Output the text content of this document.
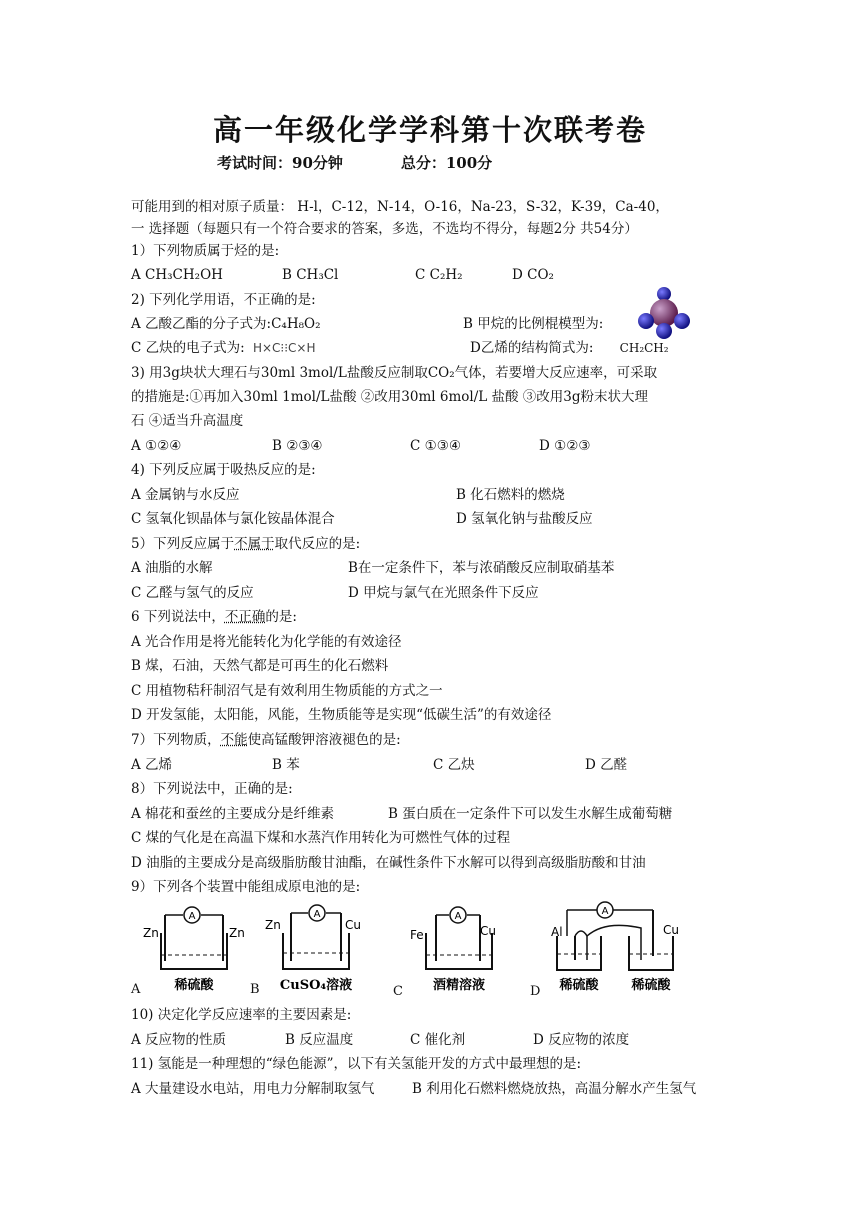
高一年级化学学科第十次联考卷
考试时间：90分钟	总分：100分
可能用到的相对原子质量： H-l，C-12，N-14，O-16，Na-23，S-32，K-39，Ca-40，
一 选择题（每题只有一个符合要求的答案，多选，不选均不得分，每题2分 共54分）
1）下列物质属于烃的是:
A CH₃CH₂OH	B CH₃Cl	C C₂H₂	D CO₂
2) 下列化学用语，不正确的是:
A 乙酸乙酯的分子式为:C₄H₈O₂	B 甲烷的比例棍模型为:
C 乙炔的电子式为: H×C⁝⁝C×H	D乙烯的结构简式为: CH₂CH₂
3) 用3g块状大理石与30ml 3mol/L盐酸反应制取CO₂气体，若要增大反应速率，可采取
的措施是:①再加入30ml 1mol/L盐酸 ②改用30ml 6mol/L 盐酸 ③改用3g粉末状大理
石 ④适当升高温度
A ①②④	B ②③④	C ①③④	D ①②③
4) 下列反应属于吸热反应的是:
A 金属钠与水反应	B 化石燃料的燃烧
C 氢氧化钡晶体与氯化铵晶体混合	D 氢氧化钠与盐酸反应
5）下列反应属于不属于取代反应的是:
A 油脂的水解	B在一定条件下，苯与浓硝酸反应制取硝基苯
C 乙醛与氢气的反应	D 甲烷与氯气在光照条件下反应
6 下列说法中，不正确的是:
A 光合作用是将光能转化为化学能的有效途径
B 煤，石油，天然气都是可再生的化石燃料
C 用植物秸秆制沼气是有效利用生物质能的方式之一
D 开发氢能，太阳能，风能，生物质能等是实现“低碳生活”的有效途径
7）下列物质，不能使高锰酸钾溶液褪色的是:
A 乙烯	B 苯	C 乙炔	D 乙醛
8）下列说法中，正确的是:
A 棉花和蚕丝的主要成分是纤维素	B 蛋白质在一定条件下可以发生水解生成葡萄糖
C 煤的气化是在高温下煤和水蒸汽作用转化为可燃性气体的过程
D 油脂的主要成分是高级脂肪酸甘油酯，在碱性条件下水解可以得到高级脂肪酸和甘油
9）下列各个装置中能组成原电池的是:
A
Zn	Zn
稀硫酸
A
Zn	Cu
CuSO₄溶液
A
Fe	Cu
酒精溶液
A
Al	Cu
稀硫酸	稀硫酸
A	B	C	D
10) 决定化学反应速率的主要因素是:
A 反应物的性质	B 反应温度	C 催化剂	D 反应物的浓度
11) 氢能是一种理想的“绿色能源”，以下有关氢能开发的方式中最理想的是:
A 大量建设水电站，用电力分解制取氢气	B 利用化石燃料燃烧放热，高温分解水产生氢气
